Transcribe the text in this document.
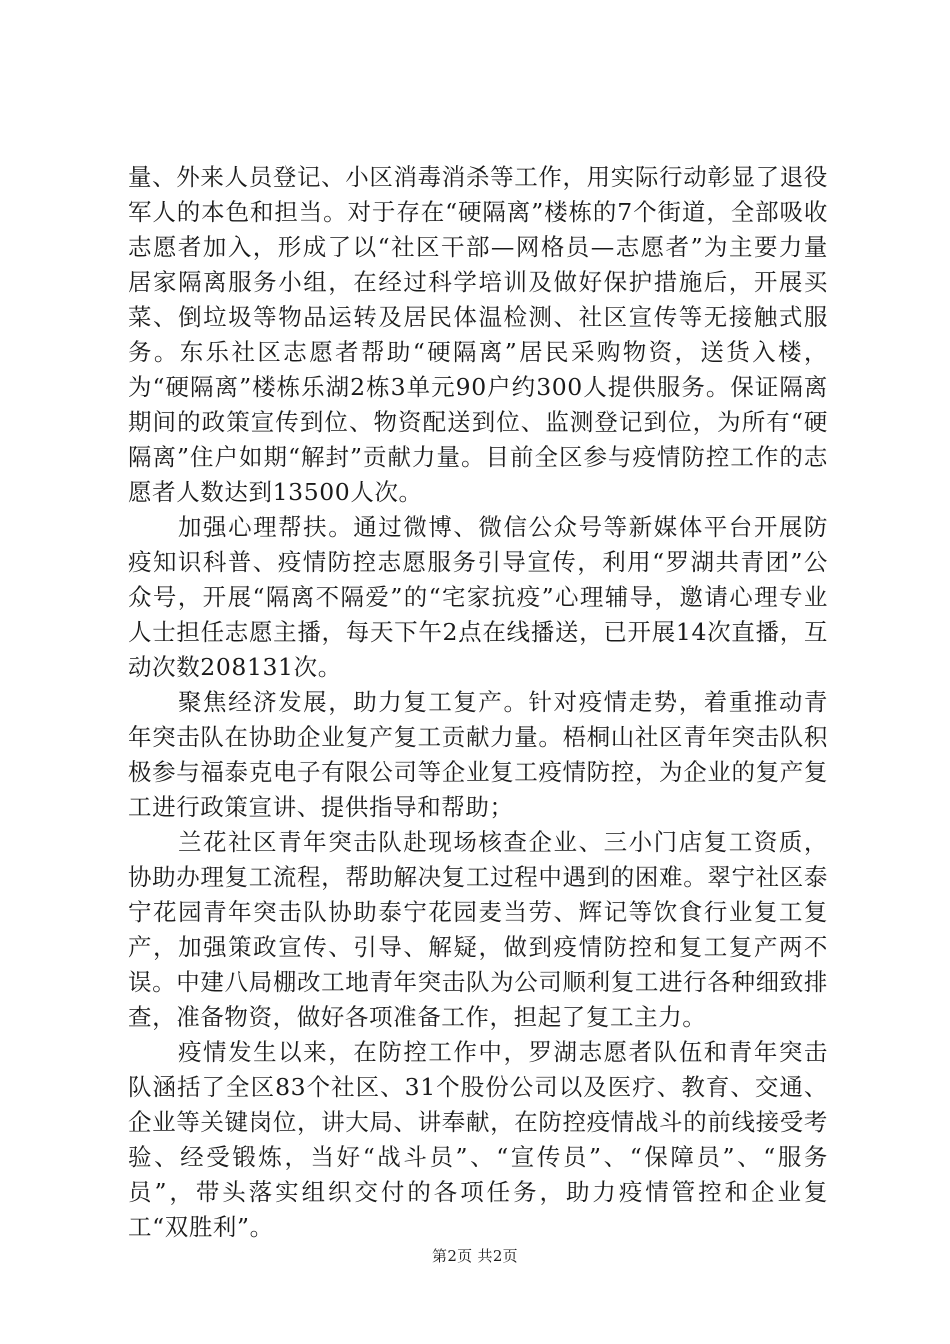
量、外来人员登记、小区消毒消杀等工作，用实际行动彰显了退役军人的本色和担当。对于存在“硬隔离”楼栋的7个街道，全部吸收志愿者加入，形成了以“社区干部—网格员—志愿者”为主要力量居家隔离服务小组，在经过科学培训及做好保护措施后，开展买菜、倒垃圾等物品运转及居民体温检测、社区宣传等无接触式服务。东乐社区志愿者帮助“硬隔离”居民采购物资，送货入楼，为“硬隔离”楼栋乐湖2栋3单元90户约300人提供服务。保证隔离期间的政策宣传到位、物资配送到位、监测登记到位，为所有“硬隔离”住户如期“解封”贡献力量。目前全区参与疫情防控工作的志愿者人数达到13500人次。

加强心理帮扶。通过微博、微信公众号等新媒体平台开展防疫知识科普、疫情防控志愿服务引导宣传，利用“罗湖共青团”公众号，开展“隔离不隔爱”的“宅家抗疫”心理辅导，邀请心理专业人士担任志愿主播，每天下午2点在线播送，已开展14次直播，互动次数208131次。

聚焦经济发展，助力复工复产。针对疫情走势，着重推动青年突击队在协助企业复产复工贡献力量。梧桐山社区青年突击队积极参与福泰克电子有限公司等企业复工疫情防控，为企业的复产复工进行政策宣讲、提供指导和帮助；

兰花社区青年突击队赴现场核查企业、三小门店复工资质，协助办理复工流程，帮助解决复工过程中遇到的困难。翠宁社区泰宁花园青年突击队协助泰宁花园麦当劳、辉记等饮食行业复工复产，加强策政宣传、引导、解疑，做到疫情防控和复工复产两不误。中建八局棚改工地青年突击队为公司顺利复工进行各种细致排查，准备物资，做好各项准备工作，担起了复工主力。

疫情发生以来，在防控工作中，罗湖志愿者队伍和青年突击队涵括了全区83个社区、31个股份公司以及医疗、教育、交通、企业等关键岗位，讲大局、讲奉献，在防控疫情战斗的前线接受考验、经受锻炼，当好“战斗员”、“宣传员”、“保障员”、“服务员”，带头落实组织交付的各项任务，助力疫情管控和企业复工“双胜利”。

第2页 共2页
